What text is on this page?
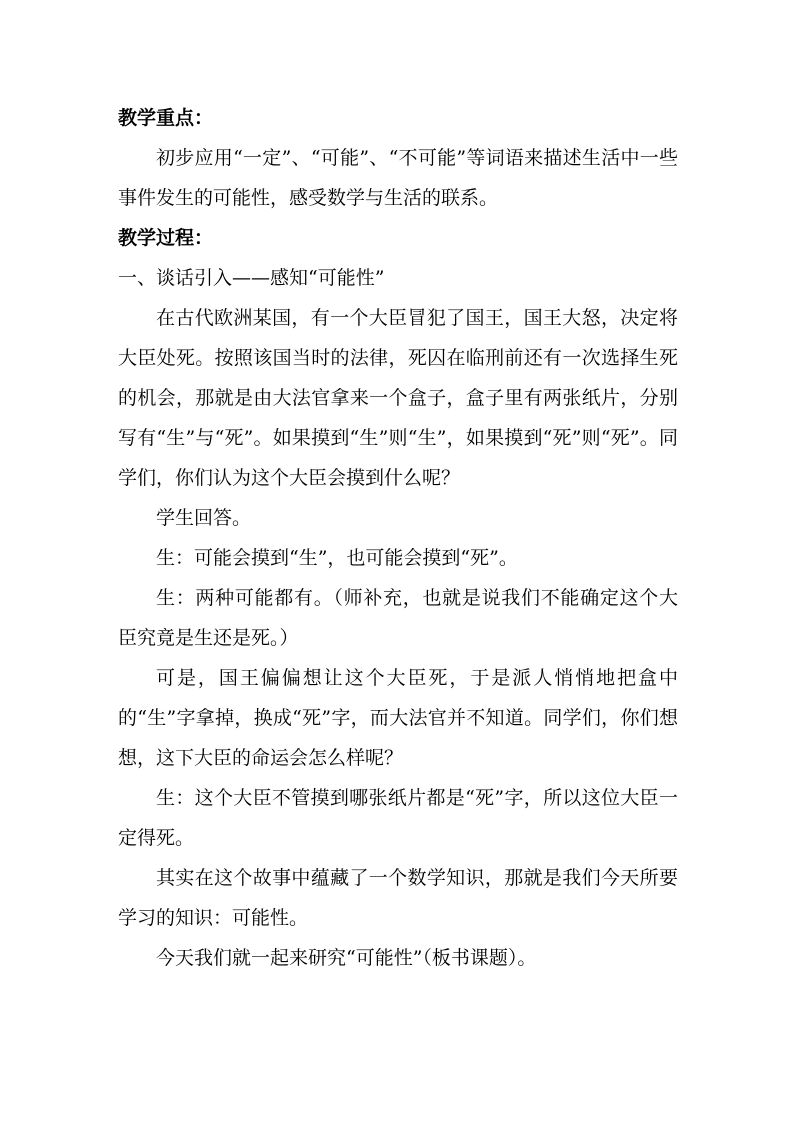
教学重点：

初步应用“一定”、“可能”、“不可能”等词语来描述生活中一些事件发生的可能性，感受数学与生活的联系。

教学过程：

一、谈话引入——感知“可能性”

在古代欧洲某国，有一个大臣冒犯了国王，国王大怒，决定将大臣处死。按照该国当时的法律，死囚在临刑前还有一次选择生死的机会，那就是由大法官拿来一个盒子，盒子里有两张纸片，分别写有“生”与“死”。如果摸到“生”则“生”，如果摸到“死”则“死”。同学们，你们认为这个大臣会摸到什么呢？

学生回答。

生：可能会摸到“生”，也可能会摸到“死”。

生：两种可能都有。（师补充，也就是说我们不能确定这个大臣究竟是生还是死。）

可是，国王偏偏想让这个大臣死，于是派人悄悄地把盒中的“生”字拿掉，换成“死”字，而大法官并不知道。同学们，你们想想，这下大臣的命运会怎么样呢？

生：这个大臣不管摸到哪张纸片都是“死”字，所以这位大臣一定得死。

其实在这个故事中蕴藏了一个数学知识，那就是我们今天所要学习的知识：可能性。

今天我们就一起来研究“可能性”（板书课题）。
